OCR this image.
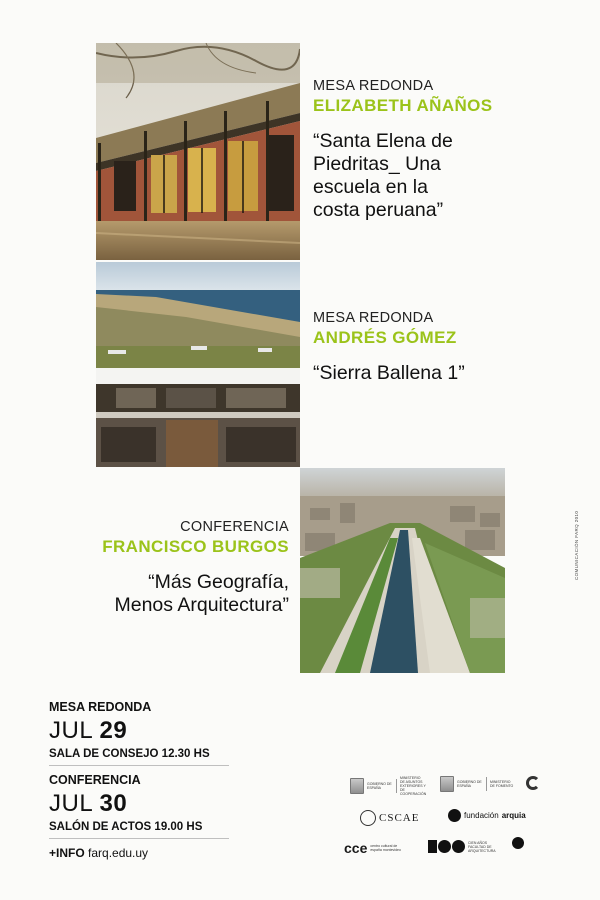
MESA REDONDA
ELIZABETH AÑAÑOS
“Santa Elena de
Piedritas_ Una
escuela en la
costa peruana”
MESA REDONDA
ANDRÉS GÓMEZ
“Sierra Ballena 1”
CONFERENCIA
FRANCISCO BURGOS
“Más Geografía,
Menos Arquitectura”
COMUNICACIÓN FARQ 2010
MESA REDONDA
JUL 29
SALA DE CONSEJO 12.30 HS
CONFERENCIA
JUL 30
SALÓN DE ACTOS 19.00 HS
+INFO farq.edu.uy
GOBIERNO DE ESPAÑA
MINISTERIO DE ASUNTOS EXTERIORES Y DE COOPERACIÓN
GOBIERNO DE ESPAÑA
MINISTERIO DE FOMENTO
CSCAE	fundación arquia
cce centro cultural de españa montevideo
CIEN AÑOS FACULTAD DE ARQUITECTURA
